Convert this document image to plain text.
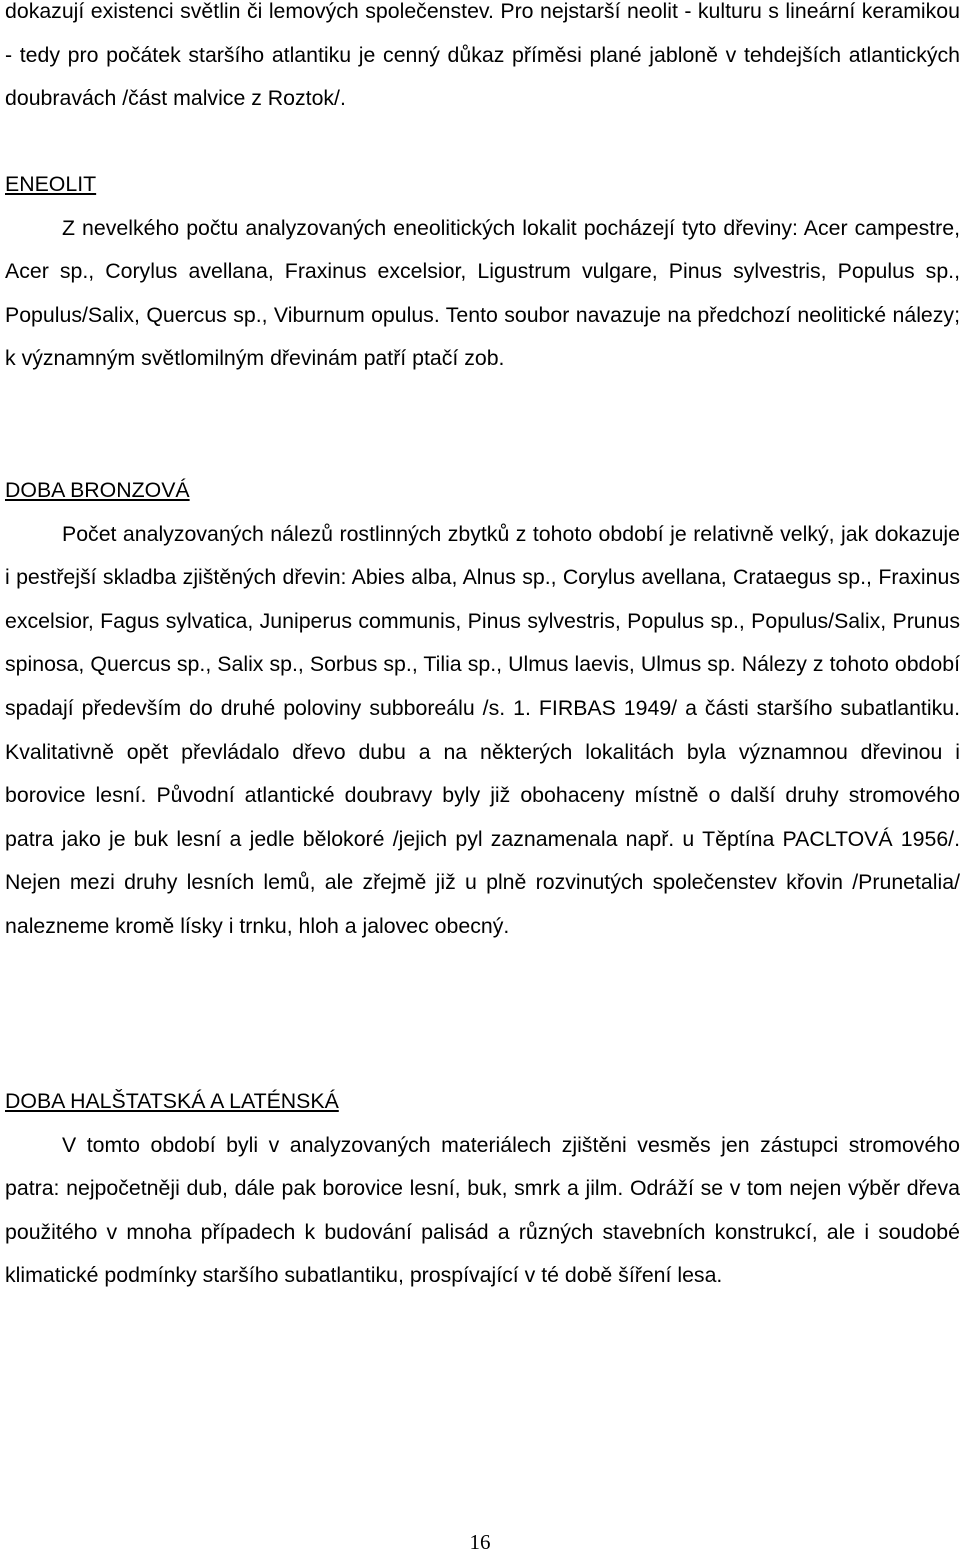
dokazují existenci světlin či lemových společenstev. Pro nejstarší neolit - kulturu s lineární keramikou - tedy pro počátek staršího atlantiku je cenný důkaz příměsi plané jabloně v tehdejších atlantických doubravách /část malvice z Roztok/.

ENEOLIT

Z nevelkého počtu analyzovaných eneolitických lokalit pocházejí tyto dřeviny: Acer campestre, Acer sp., Corylus avellana, Fraxinus excelsior, Ligustrum vulgare, Pinus sylvestris, Populus sp., Populus/Salix, Quercus sp., Viburnum opulus. Tento soubor navazuje na předchozí neolitické nálezy; k významným světlomilným dřevinám patří ptačí zob.

DOBA BRONZOVÁ

Počet analyzovaných nálezů rostlinných zbytků z tohoto období je relativně velký, jak dokazuje i pestřejší skladba zjištěných dřevin: Abies alba, Alnus sp., Corylus avellana, Crataegus sp., Fraxinus excelsior, Fagus sylvatica, Juniperus communis, Pinus sylvestris, Populus sp., Populus/Salix, Prunus spinosa, Quercus sp., Salix sp., Sorbus sp., Tilia sp., Ulmus laevis, Ulmus sp. Nálezy z tohoto období spadají především do druhé poloviny subboreálu /s. 1. FIRBAS 1949/ a části staršího subatlantiku. Kvalitativně opět převládalo dřevo dubu a na některých lokalitách byla významnou dřevinou i borovice lesní. Původní atlantické doubravy byly již obohaceny místně o další druhy stromového patra jako je buk lesní a jedle bělokoré /jejich pyl zaznamenala např. u Těptína PACLTOVÁ 1956/. Nejen mezi druhy lesních lemů, ale zřejmě již u plně rozvinutých společenstev křovin /Prunetalia/ nalezneme kromě lísky i trnku, hloh a jalovec obecný.

DOBA HALŠTATSKÁ A LATÉNSKÁ

V tomto období byli v analyzovaných materiálech zjištěni vesměs jen zástupci stromového patra: nejpočetněji dub, dále pak borovice lesní, buk, smrk a jilm. Odráží se v tom nejen výběr dřeva použitého v mnoha případech k budování palisád a různých stavebních konstrukcí, ale i soudobé klimatické podmínky staršího subatlantiku, prospívající v té době šíření lesa.

16
